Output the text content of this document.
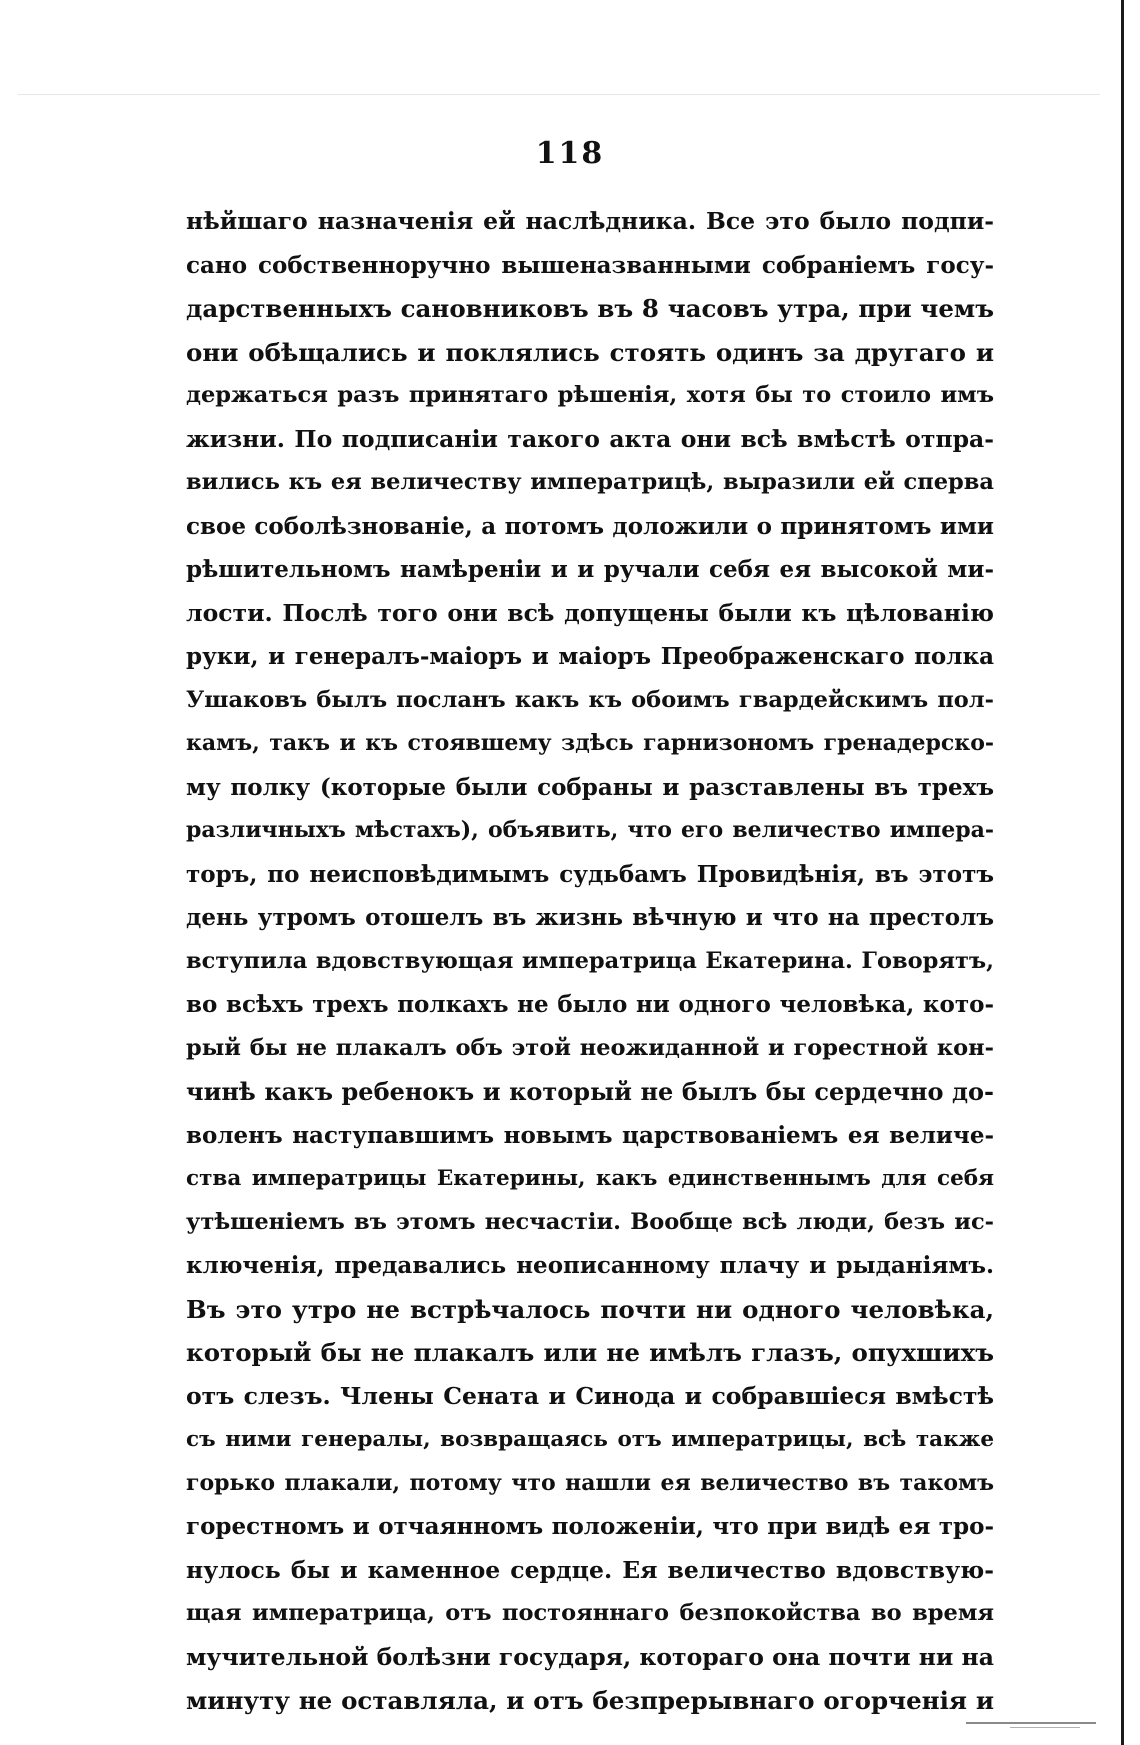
118
нѣйшаго назначенія ей наслѣдника. Все это было подпи-
сано собственноручно вышеназванными собраніемъ госу-
дарственныхъ сановниковъ въ 8 часовъ утра, при чемъ
они обѣщались и поклялись стоять одинъ за другаго и
держаться разъ принятаго рѣшенія, хотя бы то стоило имъ
жизни. По подписаніи такого акта они всѣ вмѣстѣ отпра-
вились къ ея величеству императрицѣ, выразили ей сперва
свое соболѣзнованіе, а потомъ доложили о принятомъ ими
рѣшительномъ намѣреніи и и ручали себя ея высокой ми-
лости. Послѣ того они всѣ допущены были къ цѣлованію
руки, и генералъ-маіоръ и маіоръ Преображенскаго полка
Ушаковъ былъ посланъ какъ къ обоимъ гвардейскимъ пол-
камъ, такъ и къ стоявшему здѣсь гарнизономъ гренадерско-
му полку (которые были собраны и разставлены въ трехъ
различныхъ мѣстахъ), объявить, что его величество импера-
торъ, по неисповѣдимымъ судьбамъ Провидѣнія, въ этотъ
день утромъ отошелъ въ жизнь вѣчную и что на престолъ
вступила вдовствующая императрица Екатерина. Говорятъ,
во всѣхъ трехъ полкахъ не было ни одного человѣка, кото-
рый бы не плакалъ объ этой неожиданной и горестной кон-
чинѣ какъ ребенокъ и который не былъ бы сердечно до-
воленъ наступавшимъ новымъ царствованіемъ ея величе-
ства императрицы Екатерины, какъ единственнымъ для себя
утѣшеніемъ въ этомъ несчастіи. Вообще всѣ люди, безъ ис-
ключенія, предавались неописанному плачу и рыданіямъ.
Въ это утро не встрѣчалось почти ни одного человѣка,
который бы не плакалъ или не имѣлъ глазъ, опухшихъ
отъ слезъ. Члены Сената и Синода и собравшіеся вмѣстѣ
съ ними генералы, возвращаясь отъ императрицы, всѣ также
горько плакали, потому что нашли ея величество въ такомъ
горестномъ и отчаянномъ положеніи, что при видѣ ея тро-
нулось бы и каменное сердце. Ея величество вдовствую-
щая императрица, отъ постояннаго безпокойства во время
мучительной болѣзни государя, котораго она почти ни на
минуту не оставляла, и отъ безпрерывнаго огорченія и
